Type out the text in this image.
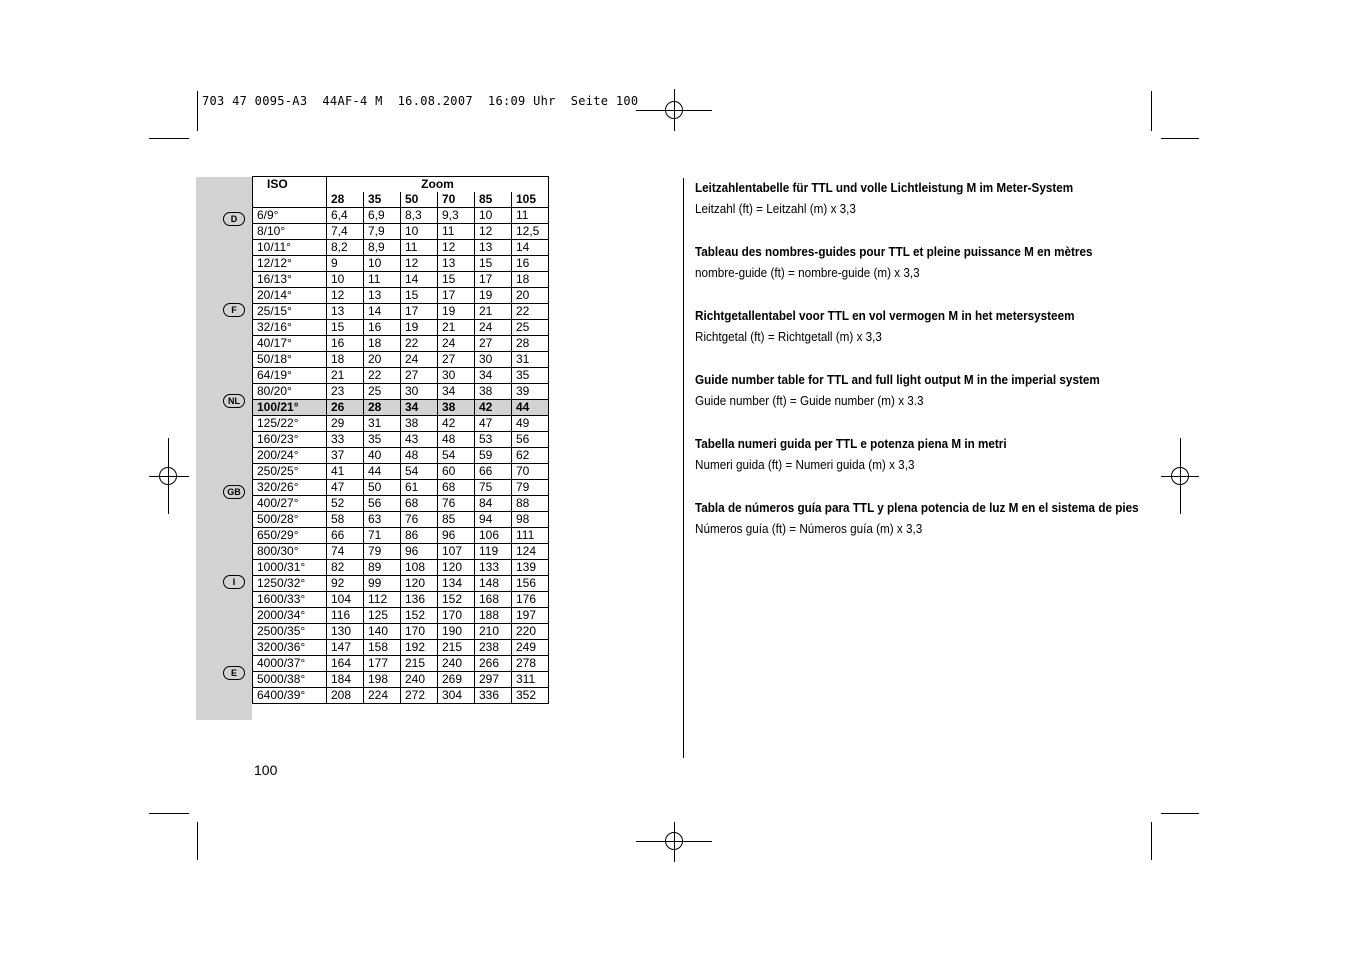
703 47 0095-A3  44AF-4 M  16.08.2007  16:09 Uhr  Seite 100
D
F
NL
GB
I
E
ISO	Zoom					
	28	35	50	70	85	105
6/9°	6,4	6,9	8,3	9,3	10	11
8/10°	7,4	7,9	10	11	12	12,5
10/11°	8,2	8,9	11	12	13	14
12/12°	9	10	12	13	15	16
16/13°	10	11	14	15	17	18
20/14°	12	13	15	17	19	20
25/15°	13	14	17	19	21	22
32/16°	15	16	19	21	24	25
40/17°	16	18	22	24	27	28
50/18°	18	20	24	27	30	31
64/19°	21	22	27	30	34	35
80/20°	23	25	30	34	38	39
100/21°	26	28	34	38	42	44
125/22°	29	31	38	42	47	49
160/23°	33	35	43	48	53	56
200/24°	37	40	48	54	59	62
250/25°	41	44	54	60	66	70
320/26°	47	50	61	68	75	79
400/27°	52	56	68	76	84	88
500/28°	58	63	76	85	94	98
650/29°	66	71	86	96	106	111
800/30°	74	79	96	107	119	124
1000/31°	82	89	108	120	133	139
1250/32°	92	99	120	134	148	156
1600/33°	104	112	136	152	168	176
2000/34°	116	125	152	170	188	197
2500/35°	130	140	170	190	210	220
3200/36°	147	158	192	215	238	249
4000/37°	164	177	215	240	266	278
5000/38°	184	198	240	269	297	311
6400/39°	208	224	272	304	336	352
100
Leitzahlentabelle für TTL und volle Lichtleistung M im Meter-System
Leitzahl (ft) = Leitzahl (m) x 3,3
Tableau des nombres-guides pour TTL et pleine puissance M en mètres
nombre-guide (ft) = nombre-guide (m) x 3,3
Richtgetallentabel voor TTL en vol vermogen M in het metersysteem
Richtgetal (ft) = Richtgetall (m) x 3,3
Guide number table for TTL and full light output M in the imperial system
Guide number (ft) = Guide number (m) x 3.3
Tabella numeri guida per TTL e potenza piena M in metri
Numeri guida (ft) = Numeri guida (m) x 3,3
Tabla de números guía para TTL y plena potencia de luz M en el sistema de pies
Números guía (ft) = Números guía (m) x 3,3
